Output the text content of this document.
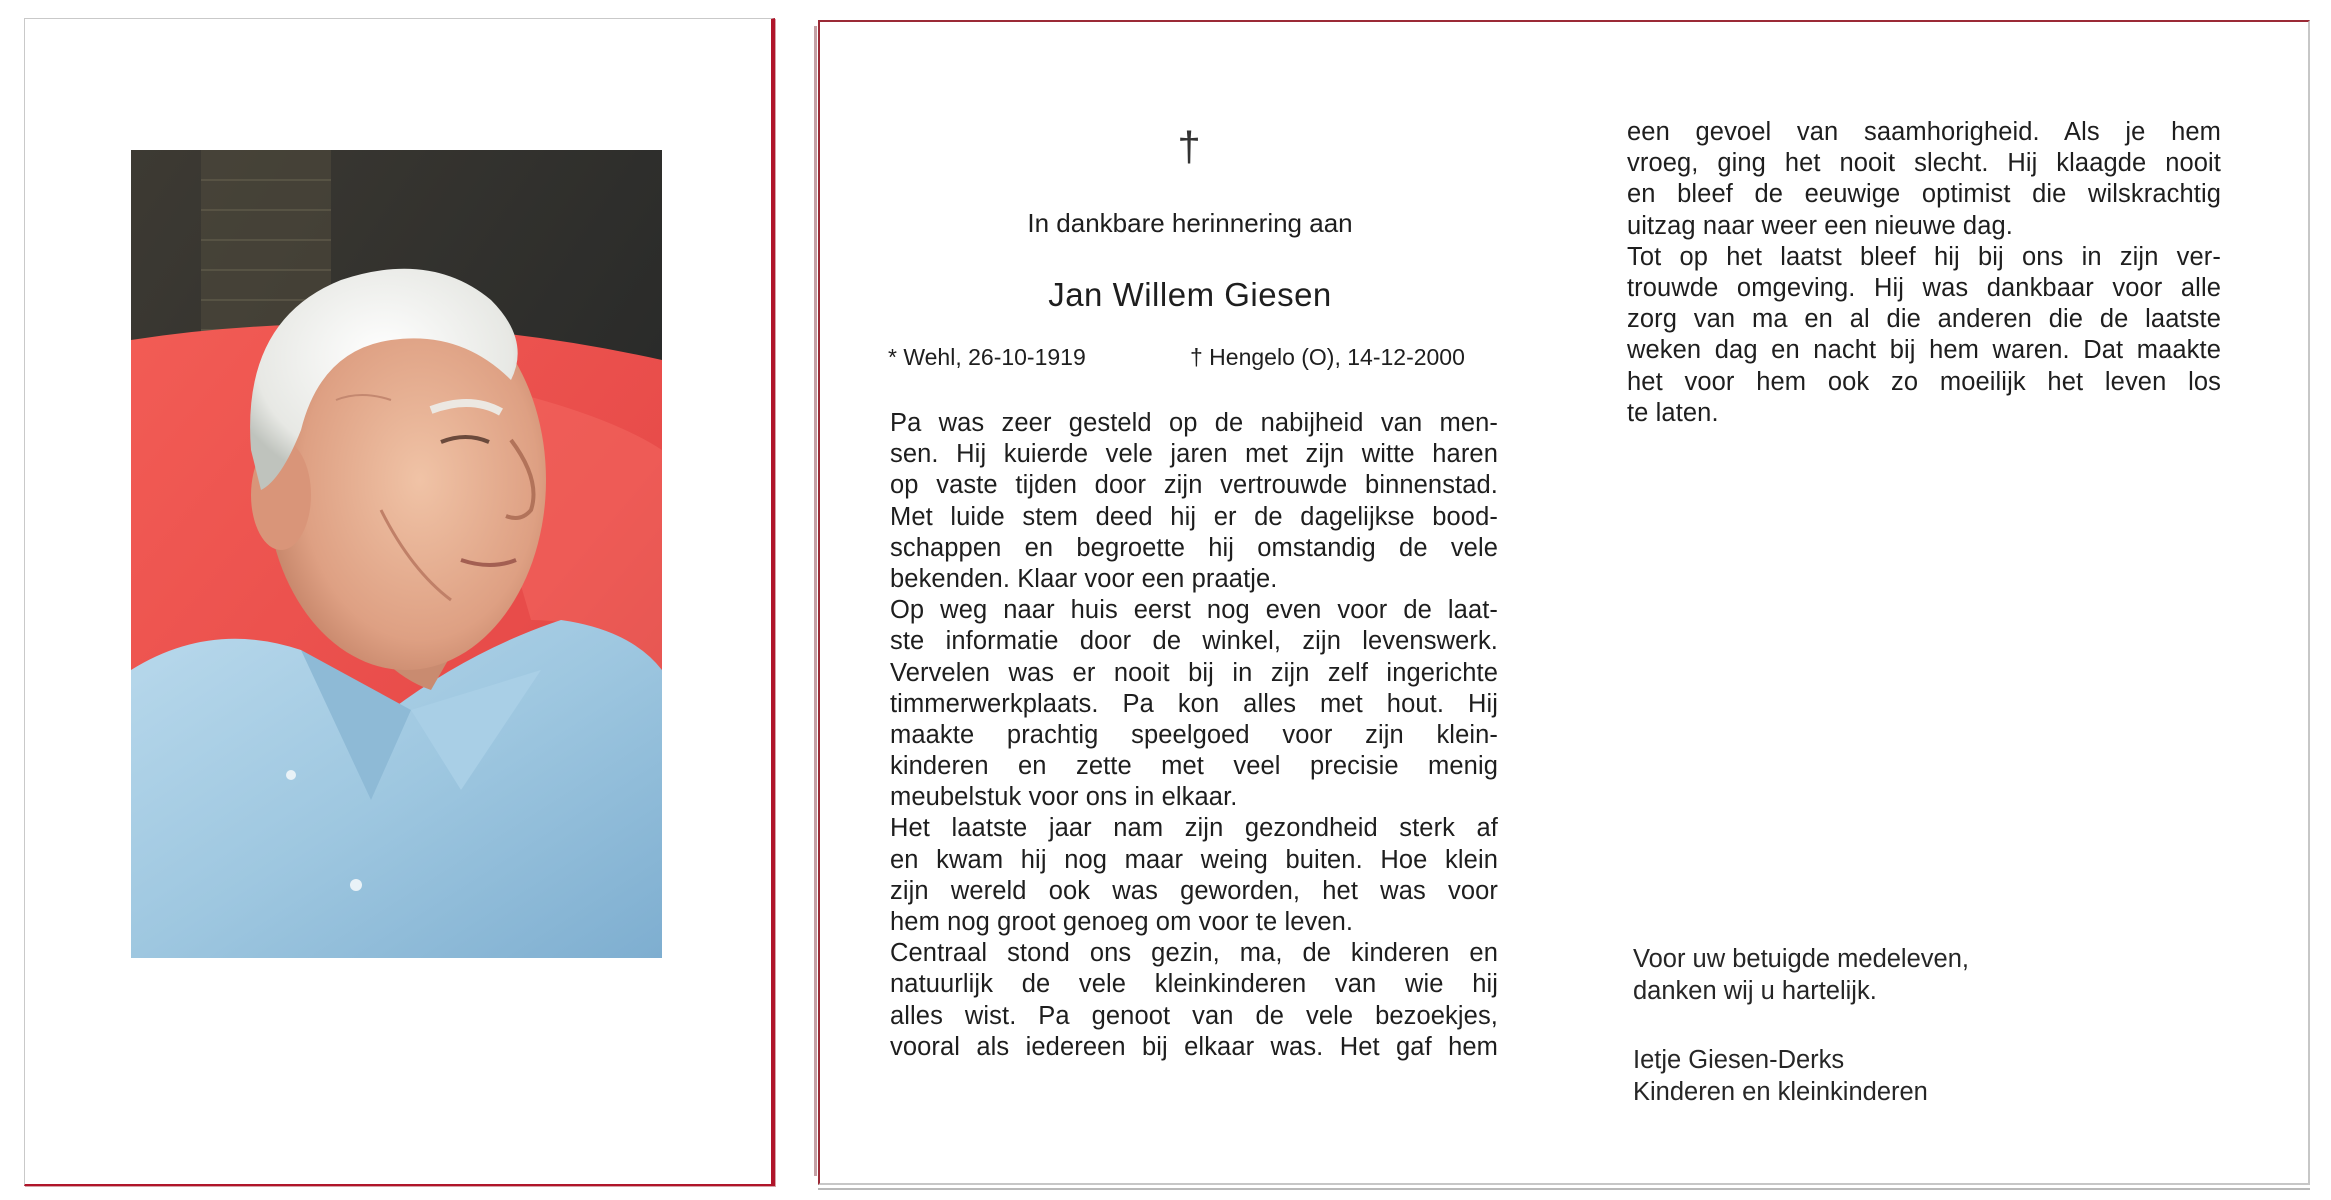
†
In dankbare herinnering aan
Jan Willem Giesen
* Wehl, 26-10-1919	† Hengelo (O), 14-12-2000
Pa was zeer gesteld op de nabijheid van men-
sen. Hij kuierde vele jaren met zijn witte haren
op vaste tijden door zijn vertrouwde binnenstad.
Met luide stem deed hij er de dagelijkse bood-
schappen en begroette hij omstandig de vele
bekenden. Klaar voor een praatje.
Op weg naar huis eerst nog even voor de laat-
ste informatie door de winkel, zijn levenswerk.
Vervelen was er nooit bij in zijn zelf ingerichte
timmerwerkplaats. Pa kon alles met hout. Hij
maakte prachtig speelgoed voor zijn klein-
kinderen en zette met veel precisie menig
meubelstuk voor ons in elkaar.
Het laatste jaar nam zijn gezondheid sterk af
en kwam hij nog maar weing buiten. Hoe klein
zijn wereld ook was geworden, het was voor
hem nog groot genoeg om voor te leven.
Centraal stond ons gezin, ma, de kinderen en
natuurlijk de vele kleinkinderen van wie hij
alles wist. Pa genoot van de vele bezoekjes,
vooral als iedereen bij elkaar was. Het gaf hem
een gevoel van saamhorigheid. Als je hem
vroeg, ging het nooit slecht. Hij klaagde nooit
en bleef de eeuwige optimist die wilskrachtig
uitzag naar weer een nieuwe dag.
Tot op het laatst bleef hij bij ons in zijn ver-
trouwde omgeving. Hij was dankbaar voor alle
zorg van ma en al die anderen die de laatste
weken dag en nacht bij hem waren. Dat maakte
het voor hem ook zo moeilijk het leven los
te laten.
Voor uw betuigde medeleven,
danken wij u hartelijk.
Ietje Giesen-Derks
Kinderen en kleinkinderen
